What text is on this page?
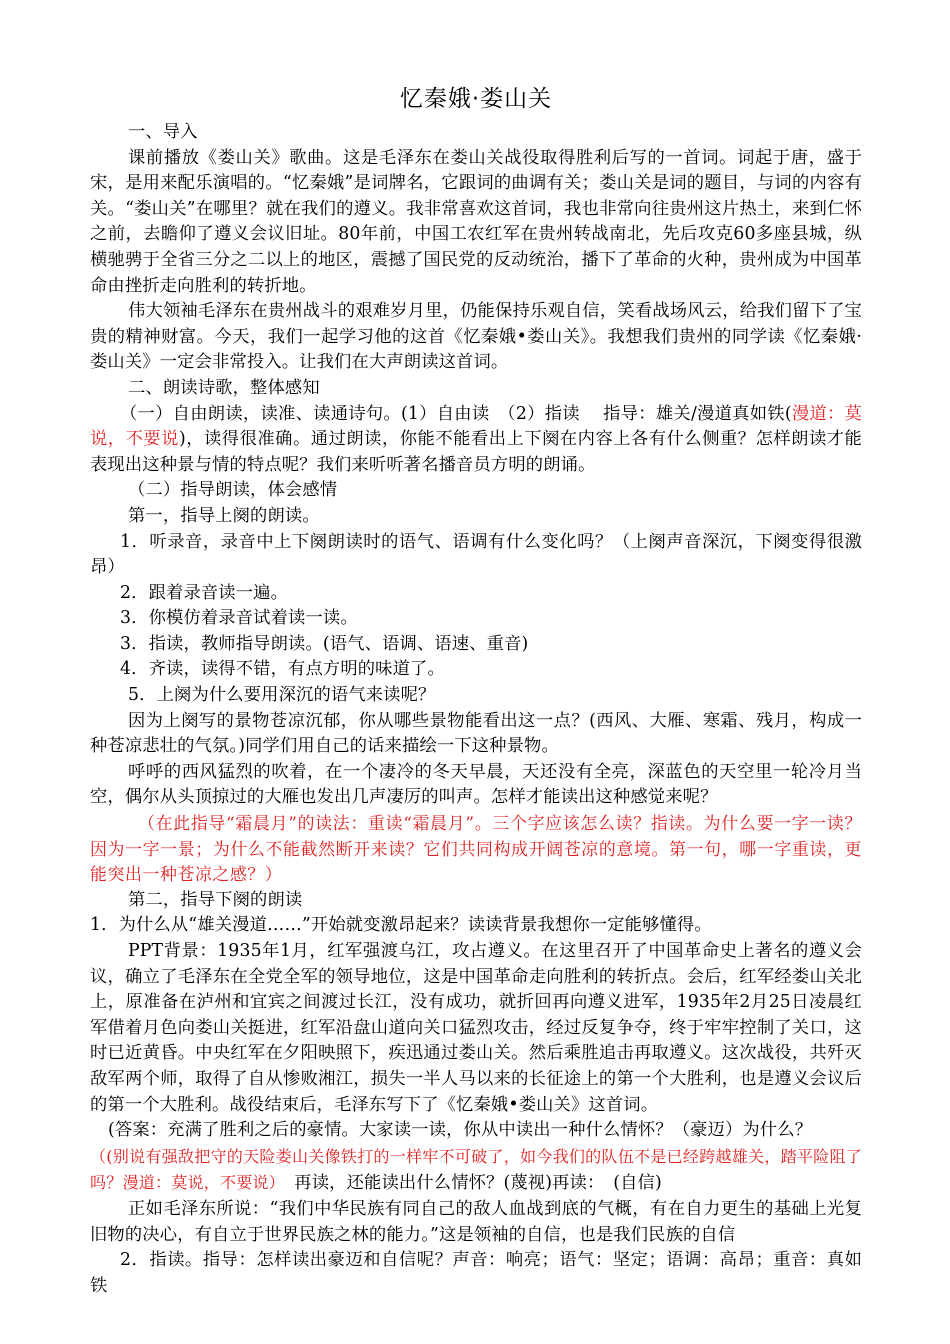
忆秦娥·娄山关

一、导入

课前播放《娄山关》歌曲。这是毛泽东在娄山关战役取得胜利后写的一首词。词起于唐，盛于宋，是用来配乐演唱的。“忆秦娥”是词牌名，它跟词的曲调有关；娄山关是词的题目，与词的内容有关。“娄山关”在哪里？就在我们的遵义。我非常喜欢这首词，我也非常向往贵州这片热土，来到仁怀之前，去瞻仰了遵义会议旧址。80年前，中国工农红军在贵州转战南北，先后攻克60多座县城，纵横驰骋于全省三分之二以上的地区，震撼了国民党的反动统治，播下了革命的火种，贵州成为中国革命由挫折走向胜利的转折地。

伟大领袖毛泽东在贵州战斗的艰难岁月里，仍能保持乐观自信，笑看战场风云，给我们留下了宝贵的精神财富。今天，我们一起学习他的这首《忆秦娥•娄山关》。我想我们贵州的同学读《忆秦娥·娄山关》一定会非常投入。让我们在大声朗读这首词。

二、朗读诗歌，整体感知

（一）自由朗读，读准、读通诗句。(1）自由读　（2）指读　 指导：雄关/漫道真如铁(漫道：莫说，不要说)，读得很准确。通过朗读，你能不能看出上下阕在内容上各有什么侧重？怎样朗读才能表现出这种景与情的特点呢？我们来听听著名播音员方明的朗诵。

（二）指导朗读，体会感情

第一，指导上阕的朗读。

1．听录音，录音中上下阕朗读时的语气、语调有什么变化吗？（上阕声音深沉，下阕变得很激昂）

2．跟着录音读一遍。

3．你模仿着录音试着读一读。

3．指读，教师指导朗读。(语气、语调、语速、重音)

4．齐读，读得不错，有点方明的味道了。

5．上阕为什么要用深沉的语气来读呢？

因为上阕写的景物苍凉沉郁，你从哪些景物能看出这一点？(西风、大雁、寒霜、残月，构成一种苍凉悲壮的气氛。)同学们用自己的话来描绘一下这种景物。

呼呼的西风猛烈的吹着，在一个凄冷的冬天早晨，天还没有全亮，深蓝色的天空里一轮冷月当空，偶尔从头顶掠过的大雁也发出几声凄厉的叫声。怎样才能读出这种感觉来呢？

（在此指导“霜晨月”的读法：重读“霜晨月”。三个字应该怎么读？指读。为什么要一字一读？因为一字一景；为什么不能截然断开来读？它们共同构成开阔苍凉的意境。第一句，哪一字重读，更能突出一种苍凉之感？）

第二，指导下阕的朗读

1．为什么从“雄关漫道……”开始就变激昂起来？读读背景我想你一定能够懂得。

PPT背景：1935年1月，红军强渡乌江，攻占遵义。在这里召开了中国革命史上著名的遵义会议，确立了毛泽东在全党全军的领导地位，这是中国革命走向胜利的转折点。会后，红军经娄山关北上，原准备在泸州和宜宾之间渡过长江，没有成功，就折回再向遵义进军，1935年2月25日凌晨红军借着月色向娄山关挺进，红军沿盘山道向关口猛烈攻击，经过反复争夺，终于牢牢控制了关口，这时已近黄昏。中央红军在夕阳映照下，疾迅通过娄山关。然后乘胜追击再取遵义。这次战役，共歼灭敌军两个师，取得了自从惨败湘江，损失一半人马以来的长征途上的第一个大胜利，也是遵义会议后的第一个大胜利。战役结束后，毛泽东写下了《忆秦娥•娄山关》这首词。

(答案：充满了胜利之后的豪情。大家读一读，你从中读出一种什么情怀？（豪迈）为什么？

（(别说有强敌把守的天险娄山关像铁打的一样牢不可破了，如今我们的队伍不是已经跨越雄关，踏平险阻了吗？漫道：莫说，不要说）　再读，还能读出什么情怀？(蔑视)再读：　(自信)

正如毛泽东所说：“我们中华民族有同自己的敌人血战到底的气概，有在自力更生的基础上光复旧物的决心，有自立于世界民族之林的能力。”这是领袖的自信，也是我们民族的自信

2．指读。指导：怎样读出豪迈和自信呢？声音：响亮；语气：坚定；语调：高昂；重音：真如铁
